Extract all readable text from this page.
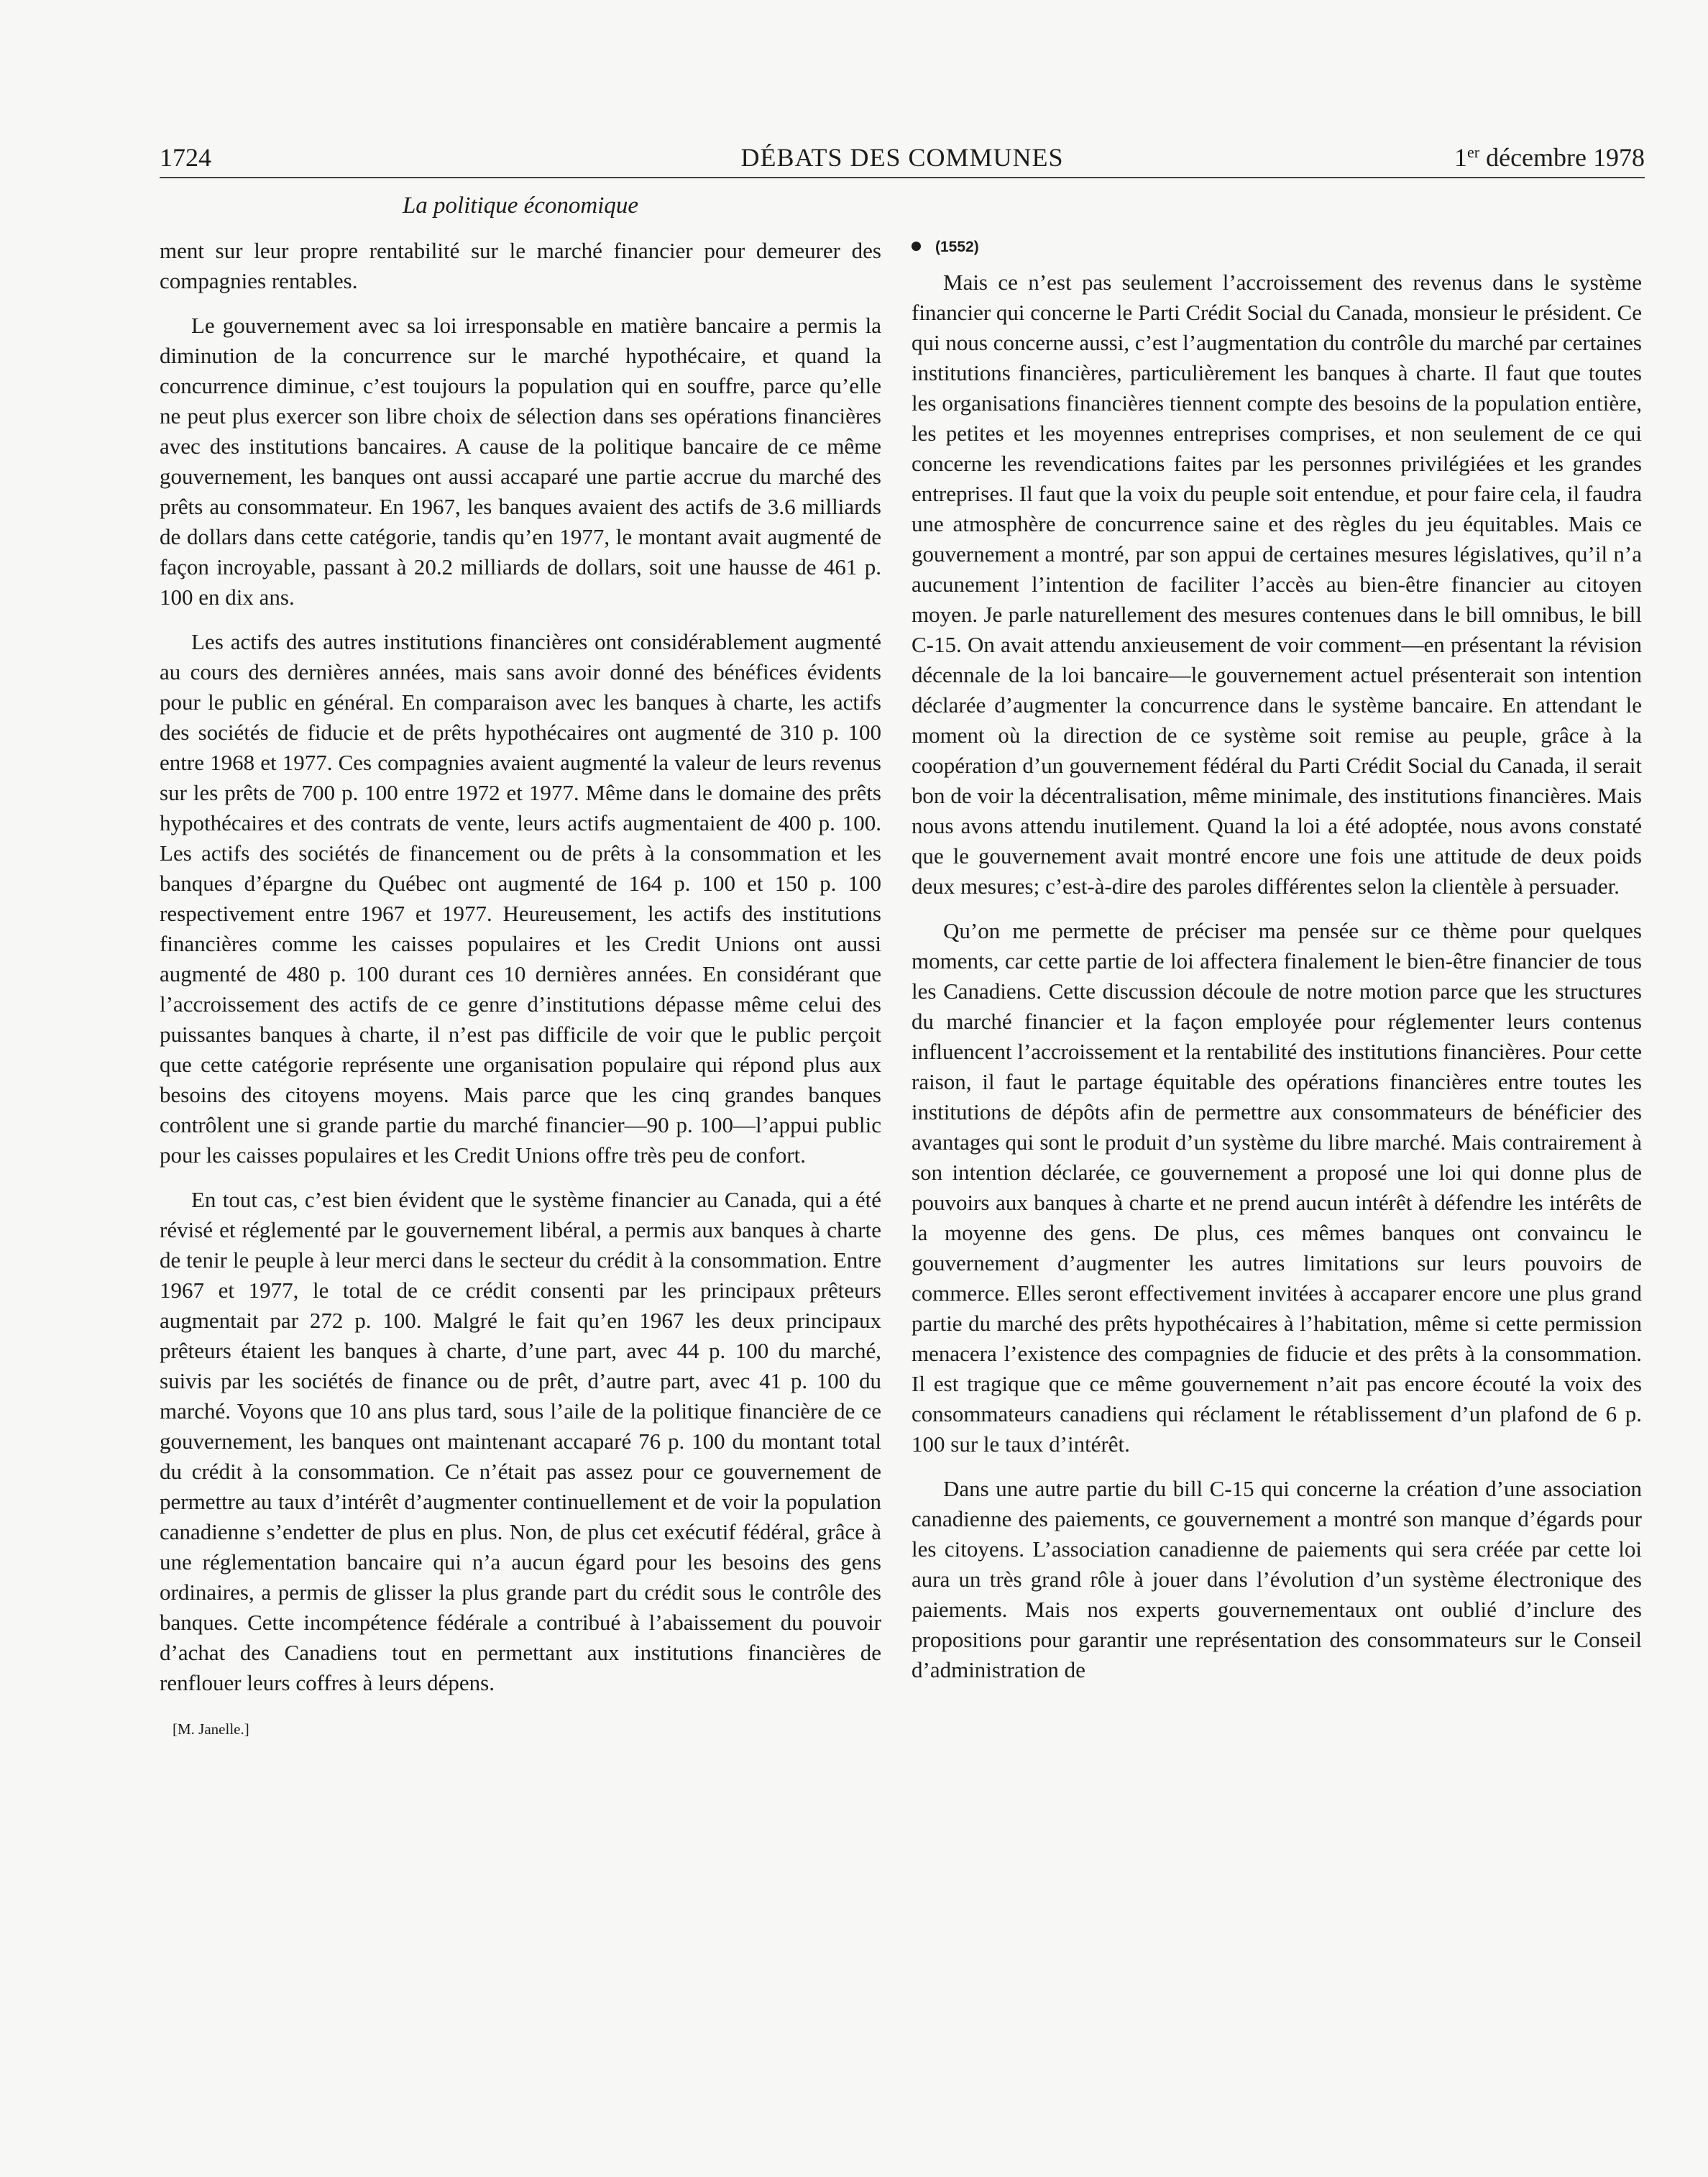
1724	DÉBATS DES COMMUNES	1er décembre 1978
La politique économique

ment sur leur propre rentabilité sur le marché financier pour demeurer des compagnies rentables.

Le gouvernement avec sa loi irresponsable en matière bancaire a permis la diminution de la concurrence sur le marché hypothécaire, et quand la concurrence diminue, c’est toujours la population qui en souffre, parce qu’elle ne peut plus exercer son libre choix de sélection dans ses opérations financières avec des institutions bancaires. A cause de la politique bancaire de ce même gouvernement, les banques ont aussi accaparé une partie accrue du marché des prêts au consommateur. En 1967, les banques avaient des actifs de 3.6 milliards de dollars dans cette catégorie, tandis qu’en 1977, le montant avait augmenté de façon incroyable, passant à 20.2 milliards de dollars, soit une hausse de 461 p. 100 en dix ans.

Les actifs des autres institutions financières ont considérablement augmenté au cours des dernières années, mais sans avoir donné des bénéfices évidents pour le public en général. En comparaison avec les banques à charte, les actifs des sociétés de fiducie et de prêts hypothécaires ont augmenté de 310 p. 100 entre 1968 et 1977. Ces compagnies avaient augmenté la valeur de leurs revenus sur les prêts de 700 p. 100 entre 1972 et 1977. Même dans le domaine des prêts hypothécaires et des contrats de vente, leurs actifs augmentaient de 400 p. 100. Les actifs des sociétés de financement ou de prêts à la consommation et les banques d’épargne du Québec ont augmenté de 164 p. 100 et 150 p. 100 respectivement entre 1967 et 1977. Heureusement, les actifs des institutions financières comme les caisses populaires et les Credit Unions ont aussi augmenté de 480 p. 100 durant ces 10 dernières années. En considérant que l’accroissement des actifs de ce genre d’institutions dépasse même celui des puissantes banques à charte, il n’est pas difficile de voir que le public perçoit que cette catégorie représente une organisation populaire qui répond plus aux besoins des citoyens moyens. Mais parce que les cinq grandes banques contrôlent une si grande partie du marché financier—90 p. 100—l’appui public pour les caisses populaires et les Credit Unions offre très peu de confort.

En tout cas, c’est bien évident que le système financier au Canada, qui a été révisé et réglementé par le gouvernement libéral, a permis aux banques à charte de tenir le peuple à leur merci dans le secteur du crédit à la consommation. Entre 1967 et 1977, le total de ce crédit consenti par les principaux prêteurs augmentait par 272 p. 100. Malgré le fait qu’en 1967 les deux principaux prêteurs étaient les banques à charte, d’une part, avec 44 p. 100 du marché, suivis par les sociétés de finance ou de prêt, d’autre part, avec 41 p. 100 du marché. Voyons que 10 ans plus tard, sous l’aile de la politique financière de ce gouvernement, les banques ont maintenant accaparé 76 p. 100 du montant total du crédit à la consommation. Ce n’était pas assez pour ce gouvernement de permettre au taux d’intérêt d’augmenter continuellement et de voir la population canadienne s’endetter de plus en plus. Non, de plus cet exécutif fédéral, grâce à une réglementation bancaire qui n’a aucun égard pour les besoins des gens ordinaires, a permis de glisser la plus grande part du crédit sous le contrôle des banques. Cette incompétence fédérale a contribué à l’abaissement du pouvoir d’achat des Canadiens tout en permettant aux institutions financières de renflouer leurs coffres à leurs dépens.

[M. Janelle.]
(1552)

Mais ce n’est pas seulement l’accroissement des revenus dans le système financier qui concerne le Parti Crédit Social du Canada, monsieur le président. Ce qui nous concerne aussi, c’est l’augmentation du contrôle du marché par certaines institutions financières, particulièrement les banques à charte. Il faut que toutes les organisations financières tiennent compte des besoins de la population entière, les petites et les moyennes entreprises comprises, et non seulement de ce qui concerne les revendications faites par les personnes privilégiées et les grandes entreprises. Il faut que la voix du peuple soit entendue, et pour faire cela, il faudra une atmosphère de concurrence saine et des règles du jeu équitables. Mais ce gouvernement a montré, par son appui de certaines mesures législatives, qu’il n’a aucunement l’intention de faciliter l’accès au bien-être financier au citoyen moyen. Je parle naturellement des mesures contenues dans le bill omnibus, le bill C-15. On avait attendu anxieusement de voir comment—en présentant la révision décennale de la loi bancaire—le gouvernement actuel présenterait son intention déclarée d’augmenter la concurrence dans le système bancaire. En attendant le moment où la direction de ce système soit remise au peuple, grâce à la coopération d’un gouvernement fédéral du Parti Crédit Social du Canada, il serait bon de voir la décentralisation, même minimale, des institutions financières. Mais nous avons attendu inutilement. Quand la loi a été adoptée, nous avons constaté que le gouvernement avait montré encore une fois une attitude de deux poids deux mesures; c’est-à-dire des paroles différentes selon la clientèle à persuader.

Qu’on me permette de préciser ma pensée sur ce thème pour quelques moments, car cette partie de loi affectera finalement le bien-être financier de tous les Canadiens. Cette discussion découle de notre motion parce que les structures du marché financier et la façon employée pour réglementer leurs contenus influencent l’accroissement et la rentabilité des institutions financières. Pour cette raison, il faut le partage équitable des opérations financières entre toutes les institutions de dépôts afin de permettre aux consommateurs de bénéficier des avantages qui sont le produit d’un système du libre marché. Mais contrairement à son intention déclarée, ce gouvernement a proposé une loi qui donne plus de pouvoirs aux banques à charte et ne prend aucun intérêt à défendre les intérêts de la moyenne des gens. De plus, ces mêmes banques ont convaincu le gouvernement d’augmenter les autres limitations sur leurs pouvoirs de commerce. Elles seront effectivement invitées à accaparer encore une plus grand partie du marché des prêts hypothécaires à l’habitation, même si cette permission menacera l’existence des compagnies de fiducie et des prêts à la consommation. Il est tragique que ce même gouvernement n’ait pas encore écouté la voix des consommateurs canadiens qui réclament le rétablissement d’un plafond de 6 p. 100 sur le taux d’intérêt.

Dans une autre partie du bill C-15 qui concerne la création d’une association canadienne des paiements, ce gouvernement a montré son manque d’égards pour les citoyens. L’association canadienne de paiements qui sera créée par cette loi aura un très grand rôle à jouer dans l’évolution d’un système électronique des paiements. Mais nos experts gouvernementaux ont oublié d’inclure des propositions pour garantir une représentation des consommateurs sur le Conseil d’administration de
